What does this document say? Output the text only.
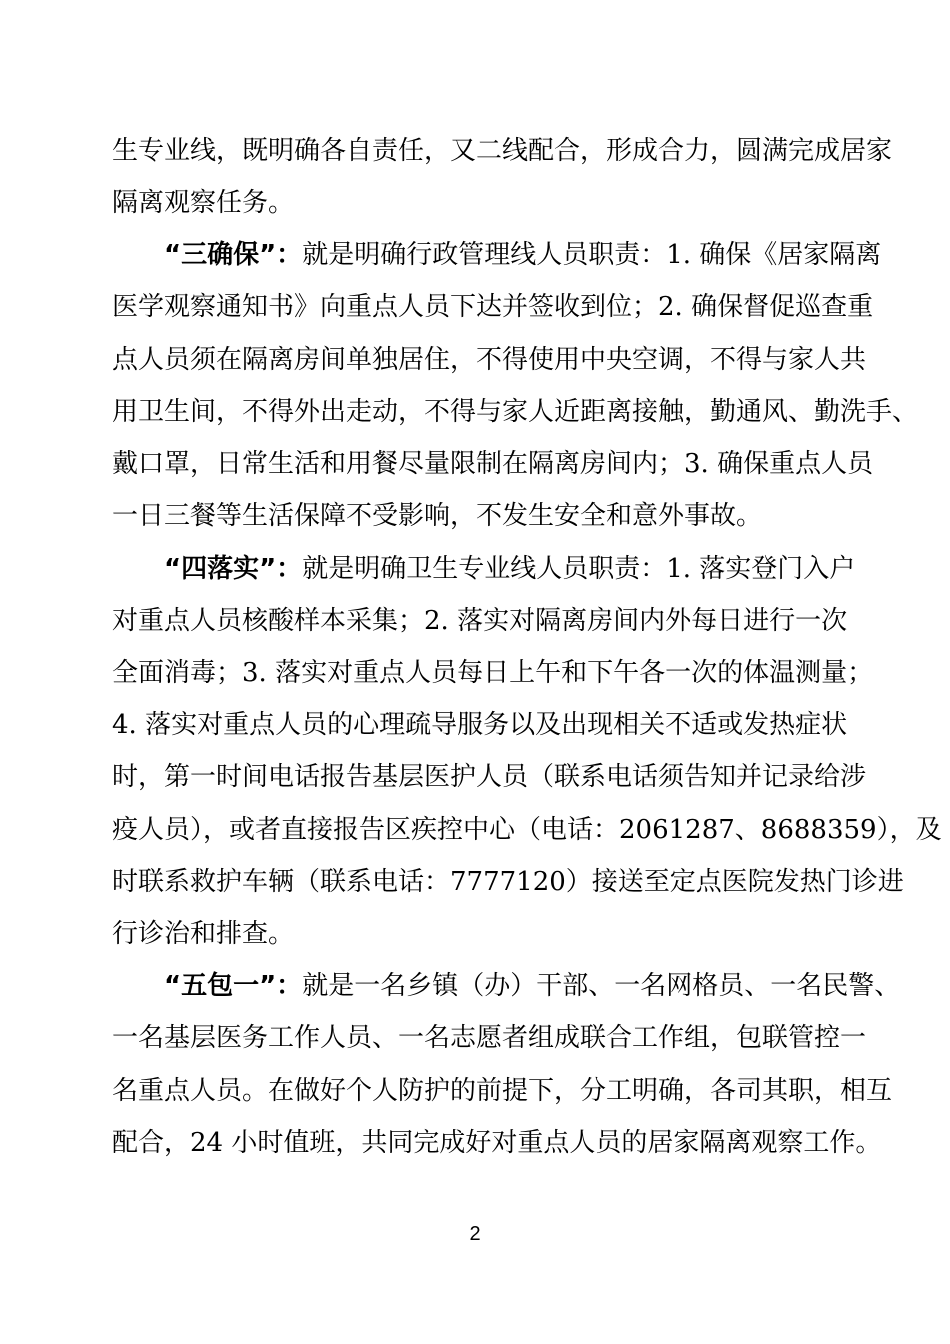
生专业线，既明确各自责任，又二线配合，形成合力，圆满完成居家
隔离观察任务。
“三确保”：就是明确行政管理线人员职责：1. 确保《居家隔离
医学观察通知书》向重点人员下达并签收到位；2. 确保督促巡查重
点人员须在隔离房间单独居住，不得使用中央空调，不得与家人共
用卫生间，不得外出走动，不得与家人近距离接触，勤通风、勤洗手、
戴口罩，日常生活和用餐尽量限制在隔离房间内；3. 确保重点人员
一日三餐等生活保障不受影响，不发生安全和意外事故。
“四落实”：就是明确卫生专业线人员职责：1. 落实登门入户
对重点人员核酸样本采集；2. 落实对隔离房间内外每日进行一次
全面消毒；3. 落实对重点人员每日上午和下午各一次的体温测量；
4. 落实对重点人员的心理疏导服务以及出现相关不适或发热症状
时，第一时间电话报告基层医护人员（联系电话须告知并记录给涉
疫人员），或者直接报告区疾控中心（电话：2061287、8688359），及
时联系救护车辆（联系电话：7777120）接送至定点医院发热门诊进
行诊治和排查。
“五包一”：就是一名乡镇（办）干部、一名网格员、一名民警、
一名基层医务工作人员、一名志愿者组成联合工作组，包联管控一
名重点人员。在做好个人防护的前提下，分工明确，各司其职，相互
配合，24 小时值班，共同完成好对重点人员的居家隔离观察工作。
2
